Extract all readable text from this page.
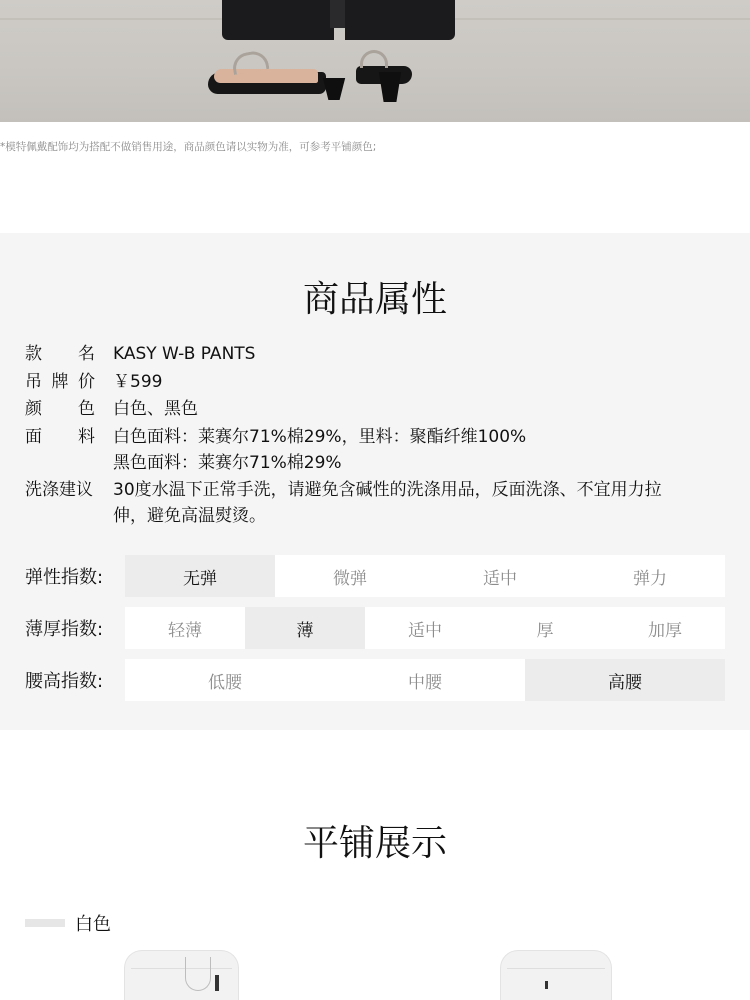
*模特佩戴配饰均为搭配不做销售用途，商品颜色请以实物为准，可参考平铺颜色;
商品属性
款 名 KASY W-B PANTS
吊 牌 价 ￥599
颜 色 白色、黑色
面 料 白色面料：莱赛尔71%棉29%，里料：聚酯纤维100%
黑色面料：莱赛尔71%棉29%
洗涤建议 30度水温下正常手洗，请避免含碱性的洗涤用品，反面洗涤、不宜用力拉
伸，避免高温熨烫。
弹性指数:	无弹	微弹	适中	弹力
薄厚指数:	轻薄	薄	适中	厚	加厚
腰高指数:	低腰	中腰	高腰
平铺展示
白色
